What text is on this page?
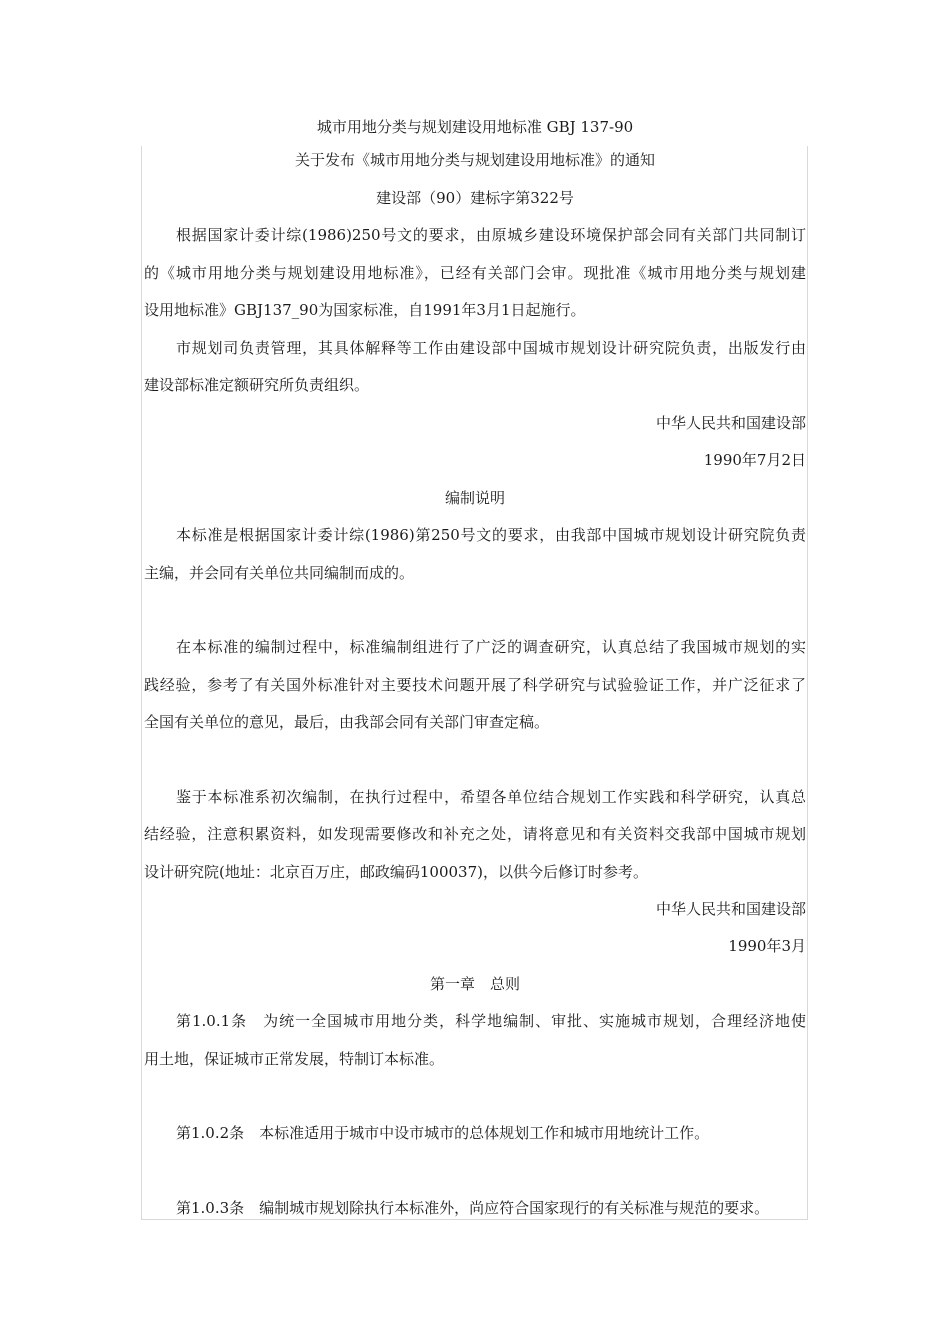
城市用地分类与规划建设用地标准 GBJ 137-90
关于发布《城市用地分类与规划建设用地标准》的通知
建设部（90）建标字第322号
根据国家计委计综(1986)250号文的要求，由原城乡建设环境保护部会同有关部门共同制订
的《城市用地分类与规划建设用地标准》，已经有关部门会审。现批准《城市用地分类与规划建
设用地标准》GBJ137_90为国家标准，自1991年3月1日起施行。
市规划司负责管理，其具体解释等工作由建设部中国城市规划设计研究院负责，出版发行由
建设部标准定额研究所负责组织。
中华人民共和国建设部
1990年7月2日
编制说明
本标准是根据国家计委计综(1986)第250号文的要求，由我部中国城市规划设计研究院负责
主编，并会同有关单位共同编制而成的。
在本标准的编制过程中，标准编制组进行了广泛的调查研究，认真总结了我国城市规划的实
践经验，参考了有关国外标准针对主要技术问题开展了科学研究与试验验证工作，并广泛征求了
全国有关单位的意见，最后，由我部会同有关部门审查定稿。
鉴于本标准系初次编制，在执行过程中，希望各单位结合规划工作实践和科学研究，认真总
结经验，注意积累资料，如发现需要修改和补充之处，请将意见和有关资料交我部中国城市规划
设计研究院(地址：北京百万庄，邮政编码100037)，以供今后修订时参考。
中华人民共和国建设部
1990年3月
第一章　总则
第1.0.1条　为统一全国城市用地分类，科学地编制、审批、实施城市规划，合理经济地使
用土地，保证城市正常发展，特制订本标准。
第1.0.2条　本标准适用于城市中设市城市的总体规划工作和城市用地统计工作。
第1.0.3条　编制城市规划除执行本标准外，尚应符合国家现行的有关标准与规范的要求。
